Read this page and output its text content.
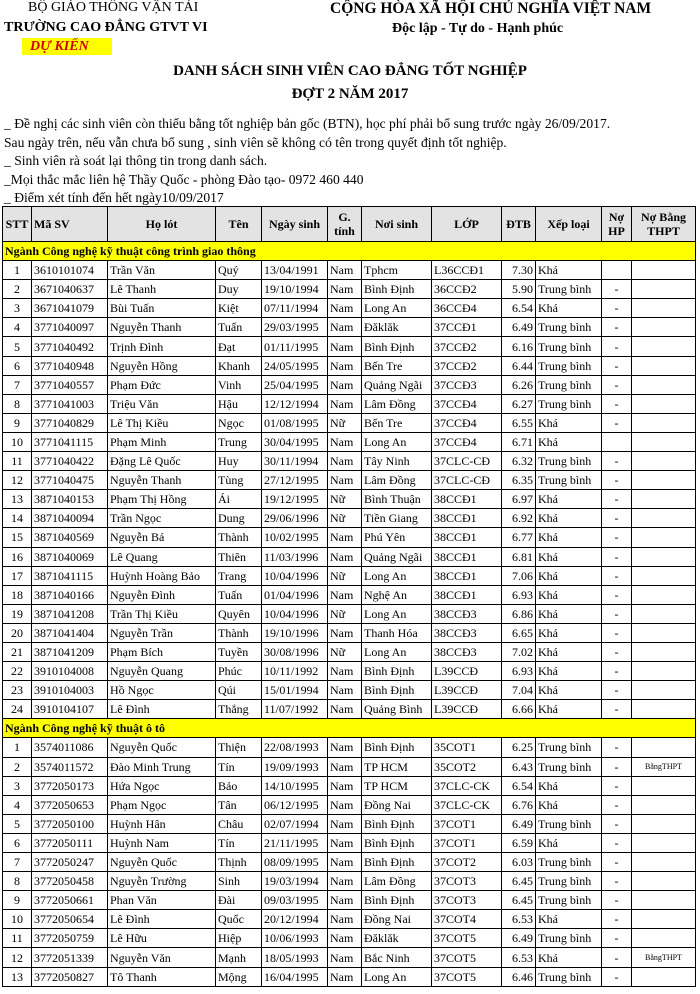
BỘ GIÁO THÔNG VẬN TẢI
TRƯỜNG CAO ĐẲNG GTVT VI
DỰ KIẾN
CỘNG HÒA XÃ HỘI CHỦ NGHĨA VIỆT NAM
Độc lập - Tự do - Hạnh phúc
DANH SÁCH SINH VIÊN CAO ĐẲNG TỐT NGHIỆP
ĐỢT 2 NĂM 2017
_ Đề nghị các sinh viên còn thiếu bằng tốt nghiệp bản gốc (BTN), học phí phải bổ sung trước ngày 26/09/2017.
Sau ngày trên, nếu vẫn chưa bổ sung , sinh viên sẽ không có tên trong quyết định tốt nghiệp.
_ Sinh viên rà soát lại thông tin trong danh sách.
_Mọi thắc mắc liên hệ Thầy Quốc - phòng Đào tạo- 0972 460 440
_ Điểm xét tính đến hết ngày10/09/2017
STT	Mã SV	Họ lót	Tên	Ngày sinh	G. tính	Nơi sinh	LỚP	ĐTB	Xếp loại	Nợ HP	Nợ Bằng THPT
Ngành Công nghệ kỹ thuật công trình giao thông											
1	3610101074	Trần Văn	Quý	13/04/1991	Nam	Tphcm	L36CCĐ1	7.30	Khá		
2	3671040637	Lê Thanh	Duy	19/10/1994	Nam	Bình Định	36CCĐ2	5.90	Trung bình	-	
3	3671041079	Bùi Tuấn	Kiệt	07/11/1994	Nam	Long An	36CCĐ4	6.54	Khá	-	
4	3771040097	Nguyễn Thanh	Tuấn	29/03/1995	Nam	Đăklăk	37CCĐ1	6.49	Trung bình	-	
5	3771040492	Trịnh Đình	Đạt	01/11/1995	Nam	Bình Định	37CCĐ2	6.16	Trung bình	-	
6	3771040948	Nguyễn Hồng	Khanh	24/05/1995	Nam	Bến Tre	37CCĐ2	6.44	Trung bình	-	
7	3771040557	Phạm Đức	Vinh	25/04/1995	Nam	Quảng Ngãi	37CCĐ3	6.26	Trung bình	-	
8	3771041003	Triệu Văn	Hậu	12/12/1994	Nam	Lâm Đồng	37CCĐ4	6.27	Trung bình	-	
9	3771040829	Lê Thị Kiều	Ngọc	01/08/1995	Nữ	Bến Tre	37CCĐ4	6.55	Khá	-	
10	3771041115	Phạm Minh	Trung	30/04/1995	Nam	Long An	37CCĐ4	6.71	Khá		
11	3771040422	Đặng Lê Quốc	Huy	30/11/1994	Nam	Tây Ninh	37CLC-CĐ	6.32	Trung bình	-	
12	3771040475	Nguyễn Thanh	Tùng	27/12/1995	Nam	Lâm Đồng	37CLC-CĐ	6.35	Trung bình	-	
13	3871040153	Phạm Thị Hồng	Ái	19/12/1995	Nữ	Bình Thuận	38CCĐ1	6.97	Khá	-	
14	3871040094	Trần Ngọc	Dung	29/06/1996	Nữ	Tiền Giang	38CCĐ1	6.92	Khá	-	
15	3871040569	Nguyễn Bá	Thành	10/02/1995	Nam	Phú Yên	38CCĐ1	6.77	Khá	-	
16	3871040069	Lê Quang	Thiên	11/03/1996	Nam	Quảng Ngãi	38CCĐ1	6.81	Khá	-	
17	3871041115	Huỳnh Hoàng Bảo	Trang	10/04/1996	Nữ	Long An	38CCĐ1	7.06	Khá	-	
18	3871040166	Nguyễn Đình	Tuấn	01/04/1996	Nam	Nghệ An	38CCĐ1	6.93	Khá	-	
19	3871041208	Trần Thị Kiều	Quyên	10/04/1996	Nữ	Long An	38CCĐ3	6.86	Khá	-	
20	3871041404	Nguyễn Trần	Thành	19/10/1996	Nam	Thanh Hóa	38CCĐ3	6.65	Khá	-	
21	3871041209	Phạm Bích	Tuyền	30/08/1996	Nữ	Long An	38CCĐ3	7.02	Khá	-	
22	3910104008	Nguyễn Quang	Phúc	10/11/1992	Nam	Bình Định	L39CCĐ	6.93	Khá	-	
23	3910104003	Hồ Ngọc	Qúi	15/01/1994	Nam	Bình Định	L39CCĐ	7.04	Khá	-	
24	3910104107	Lê Đình	Thắng	11/07/1992	Nam	Quảng Bình	L39CCĐ	6.66	Khá	-	
Ngành Công nghệ kỹ thuật ô tô											
1	3574011086	Nguyễn Quốc	Thiện	22/08/1993	Nam	Bình Định	35COT1	6.25	Trung bình	-	
2	3574011572	Đào Minh Trung	Tín	19/09/1993	Nam	TP HCM	35COT2	6.43	Trung bình	-	BằngTHPT
3	3772050173	Hứa Ngọc	Bảo	14/10/1995	Nam	TP HCM	37CLC-CK	6.54	Khá	-	
4	3772050653	Phạm Ngọc	Tân	06/12/1995	Nam	Đồng Nai	37CLC-CK	6.76	Khá	-	
5	3772050100	Huỳnh Hân	Châu	02/07/1994	Nam	Bình Định	37COT1	6.49	Trung bình	-	
6	3772050111	Huỳnh Nam	Tín	21/11/1995	Nam	Bình Định	37COT1	6.59	Khá	-	
7	3772050247	Nguyễn Quốc	Thịnh	08/09/1995	Nam	Bình Định	37COT2	6.03	Trung bình	-	
8	3772050458	Nguyễn Trường	Sinh	19/03/1994	Nam	Lâm Đồng	37COT3	6.45	Trung bình	-	
9	3772050661	Phan Văn	Đài	09/03/1995	Nam	Bình Định	37COT3	6.45	Trung bình	-	
10	3772050654	Lê Đình	Quốc	20/12/1994	Nam	Đồng Nai	37COT4	6.53	Khá	-	
11	3772050759	Lê Hữu	Hiệp	10/06/1993	Nam	Đăklăk	37COT5	6.49	Trung bình	-	
12	3772051339	Nguyễn Văn	Mạnh	18/05/1993	Nam	Bắc Ninh	37COT5	6.53	Khá	-	BằngTHPT
13	3772050827	Tô Thanh	Mộng	16/04/1995	Nam	Long An	37COT5	6.46	Trung bình	-	
